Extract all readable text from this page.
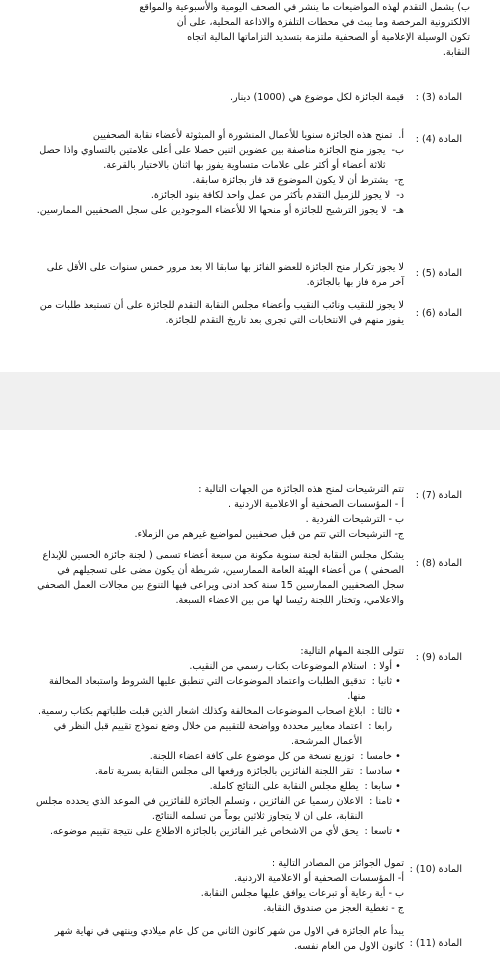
ب) يشمل التقدم لهذه المواضيعات ما ينشر في الصحف اليومية والأسبوعية والمواقع
الالكترونية المرخصة وما يبث في محطات التلفزة والاذاعة المحلية، على أن
تكون الوسيلة الإعلامية أو الصحفية ملتزمة بتسديد التزاماتها المالية اتجاه
النقابة.
المادة (3) :
قيمة الجائزة لكل موضوع هي (1000) دينار.
المادة (4) :
أ.
تمنح هذه الجائزة سنويا للأعمال المنشورة أو المبثوثة لأعضاء نقابة الصحفيين
ب-
يجوز منح الجائزة مناصفة بين عضوين اثنين حصلا على أعلى علامتين بالتساوي واذا حصل ثلاثة أعضاء أو أكثر على علامات متساوية يفوز بها اثنان بالاختيار بالقرعة.
ج-
يشترط أن لا يكون الموضوع قد فاز بجائزة سابقة.
د-
لا يجوز للزميل التقدم بأكثر من عمل واحد لكافة بنود الجائزة.
هـ-
لا يجوز الترشيح للجائزة أو منحها الا للأعضاء الموجودين على سجل الصحفيين الممارسين.
المادة (5) :
لا يجوز تكرار منح الجائزة للعضو الفائز بها سابقا الا بعد مرور خمس سنوات على الأقل على آخر مرة فاز بها بالجائزة.
المادة (6) :
لا يجوز للنقيب ونائب النقيب وأعضاء مجلس النقابة التقدم للجائزة على أن تستبعد طلبات من يفوز منهم في الانتخابات التي تجرى بعد تاريخ التقدم للجائزة.
المادة (7) :
تتم الترشيحات لمنح هذه الجائزة من الجهات التالية :
أ - المؤسسات الصحفية أو الاعلامية الاردنية .
ب - الترشيحات الفردية .
ج- الترشيحات التي تتم من قبل صحفيين لمواضيع غيرهم من الزملاء.
المادة (8) :
يشكل مجلس النقابة لجنة سنوية مكونة من سبعة أعضاء تسمى ( لجنة جائزة الحسين للإبداع الصحفي ) من أعضاء الهيئة العامة الممارسين، شريطة أن يكون مضى على تسجيلهم في سجل الصحفيين الممارسين 15 سنة كحد ادنى ويراعى فيها التنوع بين مجالات العمل الصحفي والاعلامي، وتختار اللجنة رئيسا لها من بين الاعضاء السبعة.
المادة (9) :
تتولى اللجنة المهام التالية:
•
أولا :
استلام الموضوعات بكتاب رسمي من النقيب.
•
ثانيا :
تدقيق الطلبات واعتماد الموضوعات التي تنطبق عليها الشروط واستبعاد المخالفة منها.
•
ثالثا :
ابلاغ اصحاب الموضوعات المخالفة وكذلك اشعار الذين قبلت طلباتهم بكتاب رسمية.
رابعا :
اعتماد معايير محددة وواضحة للتقييم من خلال وضع نموذج تقييم قبل النظر في الأعمال المرشحة.
•
خامسا :
توزيع نسخة من كل موضوع على كافة اعضاء اللجنة.
•
سادسا :
تقر اللجنة الفائزين بالجائزة ورفعها الى مجلس النقابة بسرية تامة.
•
سابعا :
يطلع مجلس النقابة على النتائج كاملة.
•
ثامنا :
الاعلان رسميا عن الفائزين ، وتسلم الجائزة للفائزين في الموعد الذي يحدده مجلس النقابة، على ان لا يتجاوز ثلاثين يوماً من تسلمه النتائج.
•
تاسعا :
يحق لأي من الاشخاص غير الفائزين بالجائزة الاطلاع على نتيجة تقييم موضوعه.
المادة (10) :
تمول الجوائز من المصادر التالية :
أ- المؤسسات الصحفية أو الاعلامية الاردنية.
ب - أية رعاية أو تبرعات يوافق عليها مجلس النقابة.
ج - تغطية العجز من صندوق النقابة.
المادة (11) :
يبدأ عام الجائزة في الاول من شهر كانون الثاني من كل عام ميلادي وينتهي في نهاية شهر كانون الاول من العام نفسه.
